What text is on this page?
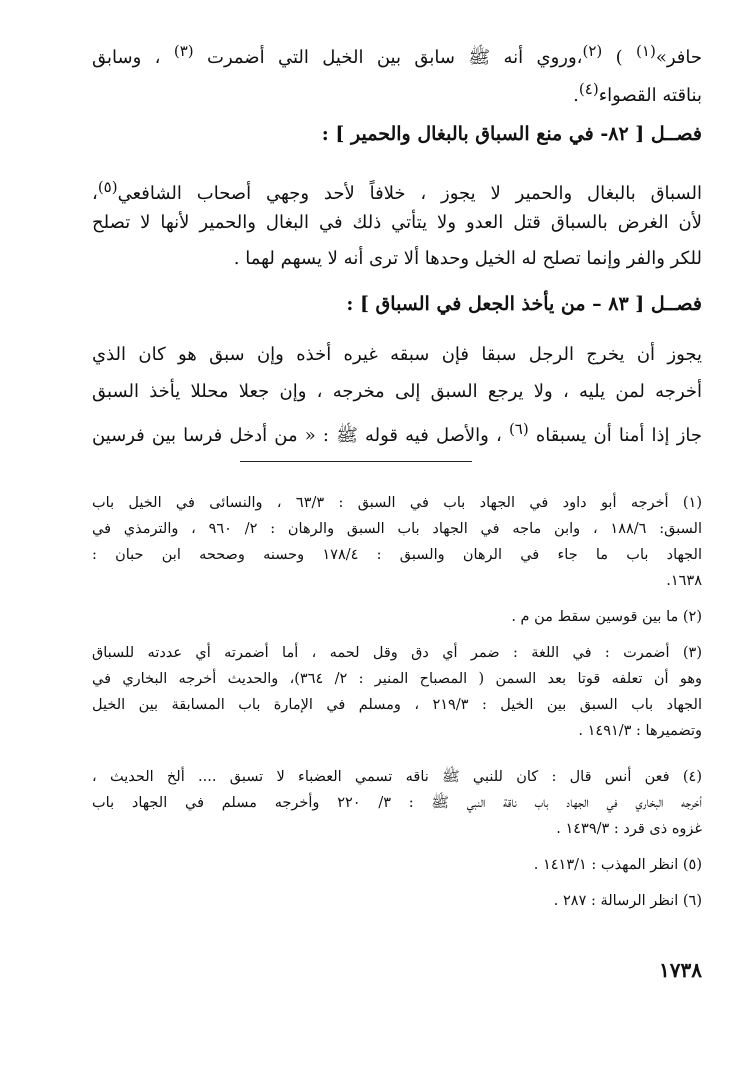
حافر»$^{(١)}$ ) $^{(٢)}$،وروي أنه ﷺ سابق بين الخيل التي أضمرت $^{(٣)}$ ، وسابق
بناقته القصواء$^{(٤)}$.
فصــل [ ٨٢- في منع السباق بالبغال والحمير ] :
السباق بالبغال والحمير لا يجوز ، خلافاً لأحد وجهي أصحاب الشافعي$^{(٥)}$،
لأن الغرض بالسباق قتل العدو ولا يتأتي ذلك في البغال والحمير لأنها لا تصلح
للكر والفر وإنما تصلح له الخيل وحدها ألا ترى أنه لا يسهم لهما .
فصــل [ ٨٣ – من يأخذ الجعل في السباق ] :
يجوز أن يخرج الرجل سبقا فإن سبقه غيره أخذه وإن سبق هو كان الذي
أخرجه لمن يليه ، ولا يرجع السبق إلى مخرجه ، وإن جعلا محللا يأخذ السبق
جاز إذا أمنا أن يسبقاه $^{(٦)}$ ، والأصل فيه قوله ﷺ : « من أدخل فرسا بين فرسين
(١) أخرجه أبو داود في الجهاد باب في السبق : ٦٣/٣ ، والنسائى في الخيل باب
السبق: ١٨٨/٦ ، وابن ماجه في الجهاد باب السبق والرهان : ٢/ ٩٦٠ ، والترمذي في
الجهاد باب ما جاء في الرهان والسبق : ١٧٨/٤ وحسنه وصححه ابن حبان :
١٦٣٨.
(٢) ما بين قوسين سقط من م .
(٣) أضمرت : في اللغة : ضمر أي دق وقل لحمه ، أما أضمرته أي عددته للسباق
وهو أن تعلفه قوتا بعد السمن ( المصباح المنير : ٢/ ٣٦٤)، والحديث أخرجه البخاري في
الجهاد باب السبق بين الخيل : ٢١٩/٣ ، ومسلم في الإمارة باب المسابقة بين الخيل
وتضميرها : ١٤٩١/٣ .
(٤) فعن أنس قال : كان للنبي ﷺ ناقه تسمي العضباء لا تسبق .... ألخ الحديث ،
أخرجه البخاري في الجهاد باب ناقة النبي ﷺ : ٣/ ٢٢٠ وأخرجه مسلم في الجهاد باب
غزوه ذى قرد : ١٤٣٩/٣ .
(٥) انظر المهذب : ١٤١٣/١ .
(٦) انظر الرسالة : ٢٨٧ .
١٧٣٨
